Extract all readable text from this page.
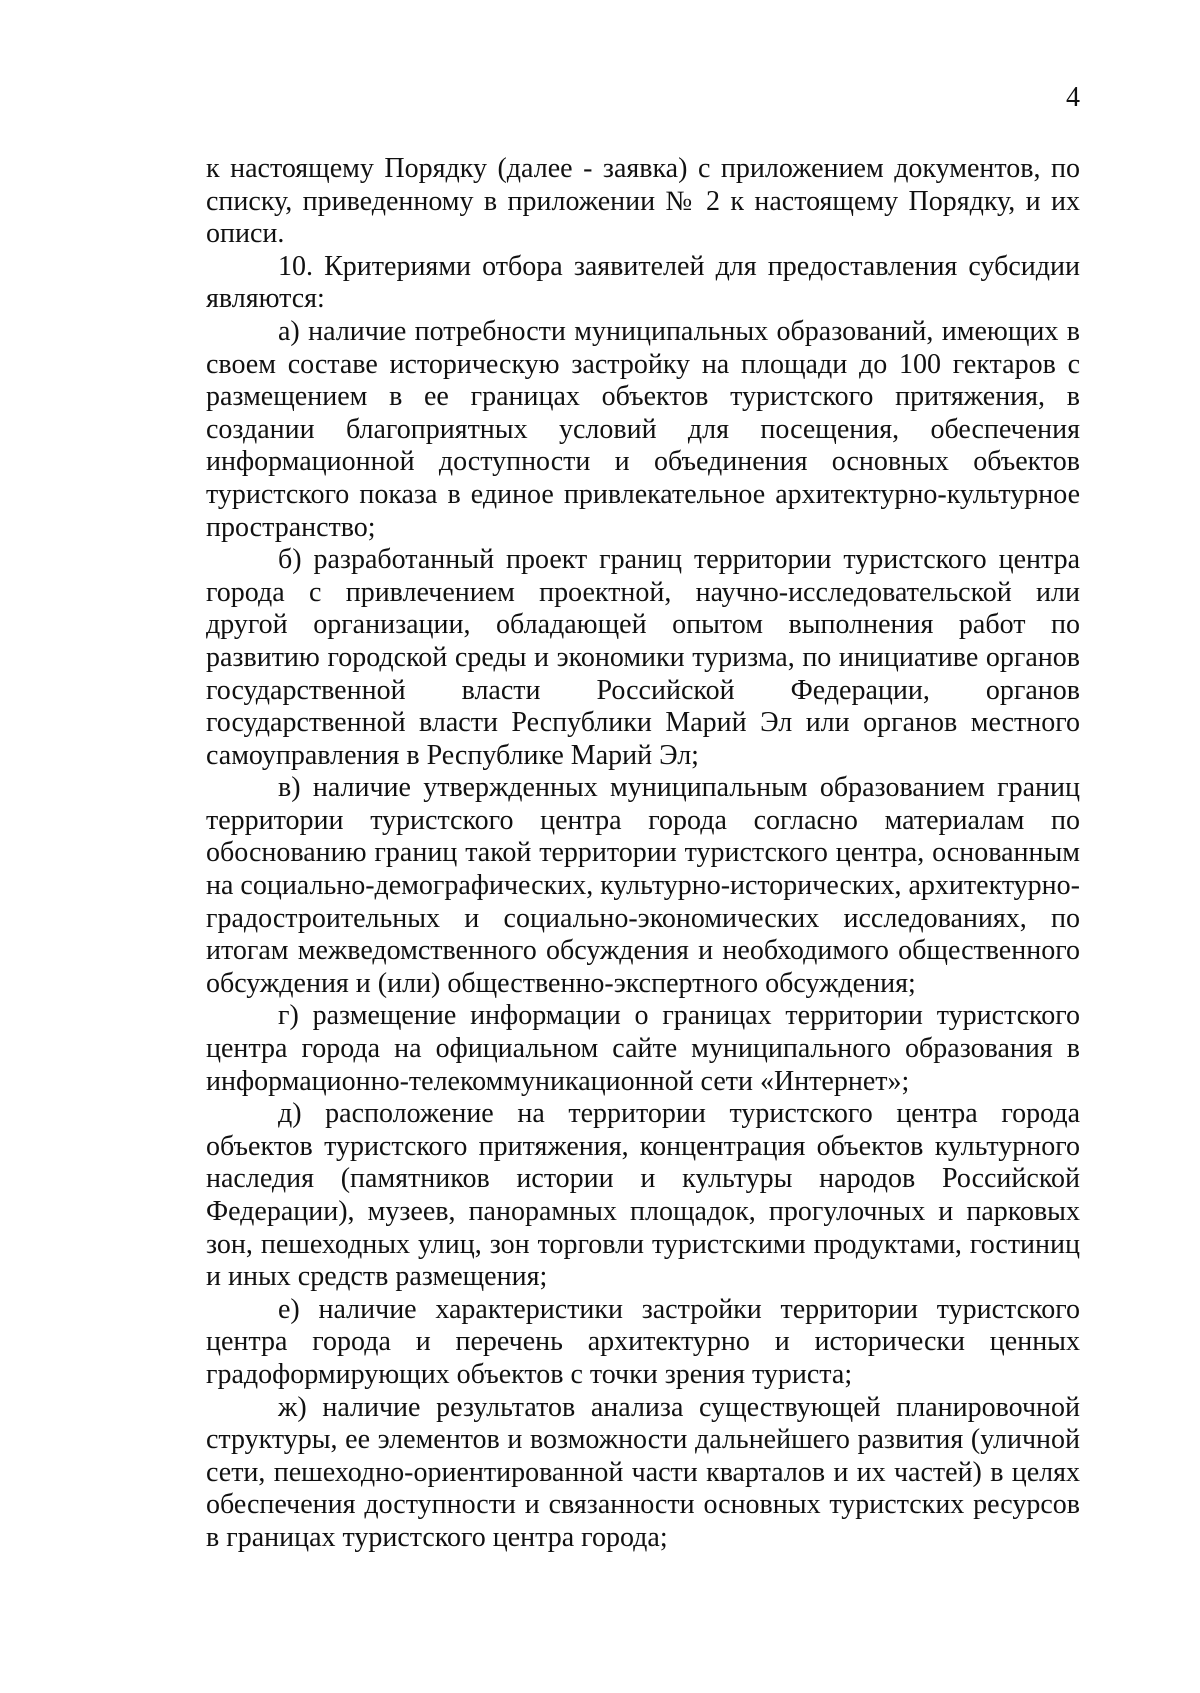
4

к настоящему Порядку (далее - заявка) с приложением документов, по списку, приведенному в приложении № 2 к настоящему Порядку, и их описи.

10. Критериями отбора заявителей для предоставления субсидии являются:

а) наличие потребности муниципальных образований, имеющих в своем составе историческую застройку на площади до 100 гектаров с размещением в ее границах объектов туристского притяжения, в создании благоприятных условий для посещения, обеспечения информационной доступности и объединения основных объектов туристского показа в единое привлекательное архитектурно-культурное пространство;

б) разработанный проект границ территории туристского центра города с привлечением проектной, научно-исследовательской или другой организации, обладающей опытом выполнения работ по развитию городской среды и экономики туризма, по инициативе органов государственной власти Российской Федерации, органов государственной власти Республики Марий Эл или органов местного самоуправления в Республике Марий Эл;

в) наличие утвержденных муниципальным образованием границ территории туристского центра города согласно материалам по обоснованию границ такой территории туристского центра, основанным на социально-демографических, культурно-исторических, архитектурно-градостроительных и социально-экономических исследованиях, по итогам межведомственного обсуждения и необходимого общественного обсуждения и (или) общественно-экспертного обсуждения;

г) размещение информации о границах территории туристского центра города на официальном сайте муниципального образования в информационно-телекоммуникационной сети «Интернет»;

д) расположение на территории туристского центра города объектов туристского притяжения, концентрация объектов культурного наследия (памятников истории и культуры народов Российской Федерации), музеев, панорамных площадок, прогулочных и парковых зон, пешеходных улиц, зон торговли туристскими продуктами, гостиниц и иных средств размещения;

е) наличие характеристики застройки территории туристского центра города и перечень архитектурно и исторически ценных градоформирующих объектов с точки зрения туриста;

ж) наличие результатов анализа существующей планировочной структуры, ее элементов и возможности дальнейшего развития (уличной сети, пешеходно-ориентированной части кварталов и их частей) в целях обеспечения доступности и связанности основных туристских ресурсов в границах туристского центра города;
